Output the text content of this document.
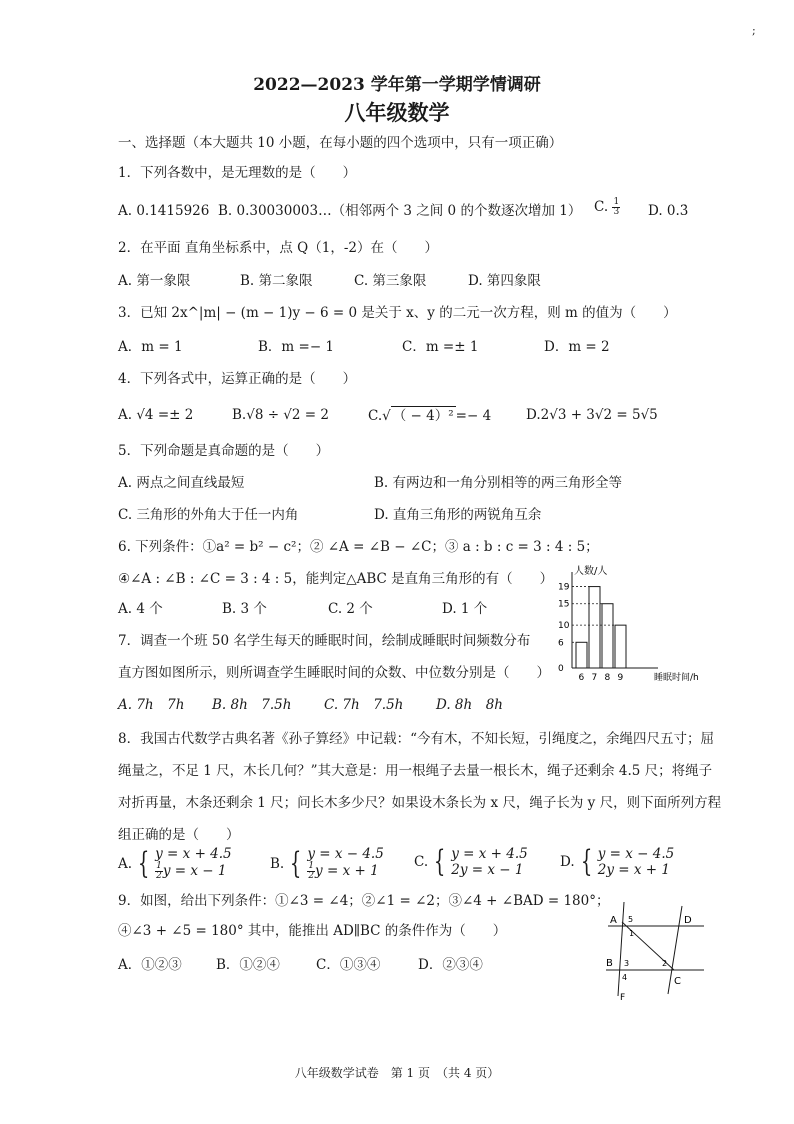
;
2022—2023 学年第一学期学情调研
八年级数学
一、选择题（本大题共 10 小题，在每小题的四个选项中，只有一项正确）
1．下列各数中，是无理数的是（　　）
A. 0.1415926 B. 0.30030003…（相邻两个 3 之间 0 的个数逐次增加 1） C. $\frac{1}{3} D$. 0.3̇
2．在平面 直角坐标系中，点 Q（1，-2）在（　　）
A. 第一象限	B. 第二象限	C. 第三象限	D. 第四象限
3．已知 2x^|m| − (m − 1)y − 6 = 0 是关于 x、y 的二元一次方程，则 m 的值为（　　）
A．m = 1	B．m =− 1	C．m =± 1	D．m = 2
4．下列各式中，运算正确的是（　　）
A. √4 =± 2	B.√8 ÷ √2 = 2	C.√ （ − 4）² =− 4	D.2√3 + 3√2 = 5√5
5．下列命题是真命题的是（　　）
A. 两点之间直线最短	B. 有两边和一角分别相等的两三角形全等
C. 三角形的外角大于任一内角	D. 直角三角形的两锐角互余
6. 下列条件：①a² = b² − c²；② ∠A = ∠B − ∠C；③ a : b : c = 3 : 4 : 5；
④∠A : ∠B : ∠C = 3 : 4 : 5，能判定△ABC 是直角三角形的有（　　）
A. 4 个	B. 3 个	C. 2 个	D. 1 个
人数/人
睡眠时间/h
6 7 8 9
0
6
10
15
19
7．调查一个班 50 名学生每天的睡眠时间，绘制成睡眠时间频数分布
直方图如图所示，则所调查学生睡眠时间的众数、中位数分别是（　　）
A. 7h　7h B. 8h　7.5h C. 7h　7.5h D. 8h　8h
8．我国古代数学古典名著《孙子算经》中记载：“今有木，不知长短，引绳度之，余绳四尺五寸；屈
绳量之，不足 1 尺，木长几何？”其大意是：用一根绳子去量一根长木，绳子还剩余 4.5 尺；将绳子
对折再量，木条还剩余 1 尺；问长木多少尺？如果设木条长为 x 尺，绳子长为 y 尺，则下面所列方程
组正确的是（　　）
A. { y = x + 4.5
$\frac{1}{2}$ y = x − 1	B. { y = x − 4.5
$\frac{1}{2}$ y = x + 1
C. { y = x + 4.5
2y = x − 1	D. { y = x − 4.5
2y = x + 1
9．如图，给出下列条件：①∠3 = ∠4；②∠1 = ∠2；③∠4 + ∠BAD = 180°；
④∠3 + ∠5 = 180° 其中，能推出 AD∥BC 的条件作为（　　）
A．①②③	B．①②④	C．①③④	D．②③④
A	D
B
C
F
1
2
3
4
5
八年级数学试卷　第 1 页　（共 4 页）
